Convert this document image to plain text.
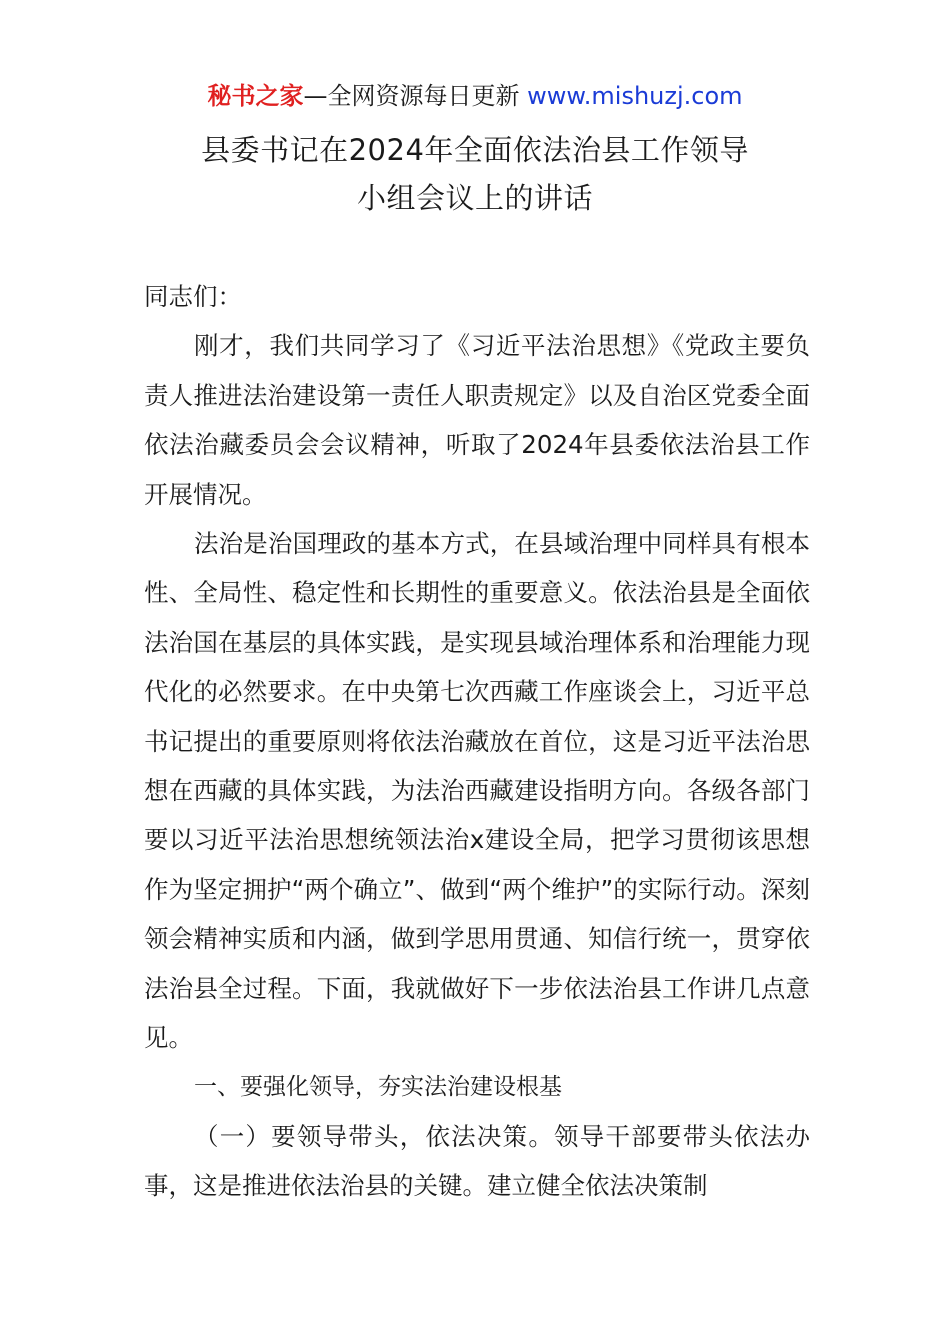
秘书之家—全网资源每日更新 www.mishuzj.com
县委书记在2024年全面依法治县工作领导
小组会议上的讲话

同志们：

刚才，我们共同学习了《习近平法治思想》《党政主要负责人推进法治建设第一责任人职责规定》以及自治区党委全面依法治藏委员会会议精神，听取了2024年县委依法治县工作开展情况。

法治是治国理政的基本方式，在县域治理中同样具有根本性、全局性、稳定性和长期性的重要意义。依法治县是全面依法治国在基层的具体实践，是实现县域治理体系和治理能力现代化的必然要求。在中央第七次西藏工作座谈会上，习近平总书记提出的重要原则将依法治藏放在首位，这是习近平法治思想在西藏的具体实践，为法治西藏建设指明方向。各级各部门要以习近平法治思想统领法治x建设全局，把学习贯彻该思想作为坚定拥护“两个确立”、做到“两个维护”的实际行动。深刻领会精神实质和内涵，做到学思用贯通、知信行统一，贯穿依法治县全过程。下面，我就做好下一步依法治县工作讲几点意见。

一、要强化领导，夯实法治建设根基

（一）要领导带头，依法决策。领导干部要带头依法办事，这是推进依法治县的关键。建立健全依法决策制
